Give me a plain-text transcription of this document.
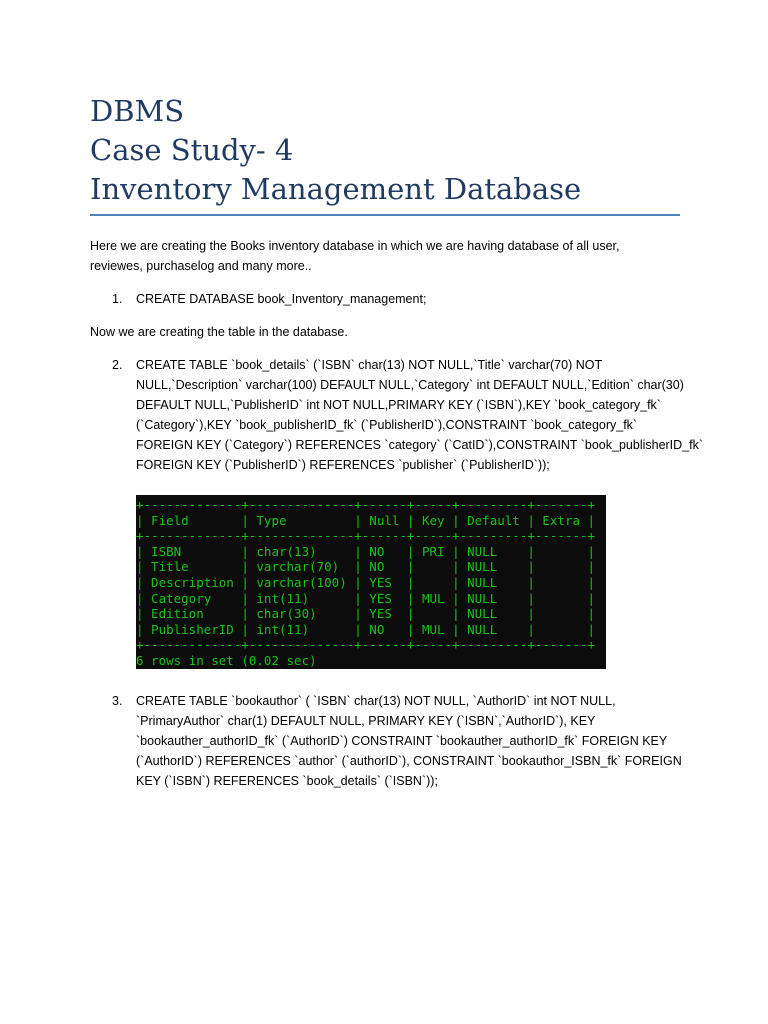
DBMS
Case Study- 4
Inventory Management Database
Here we are creating the Books inventory database in which we are having database of all user,
reviewes, purchaselog and many more..
1.	CREATE DATABASE book_Inventory_management;
Now we are creating the table in the database.
2.	CREATE TABLE `book_details` (`ISBN` char(13) NOT NULL,`Title` varchar(70) NOT
NULL,`Description` varchar(100) DEFAULT NULL,`Category` int DEFAULT NULL,`Edition` char(30)
DEFAULT NULL,`PublisherID` int NOT NULL,PRIMARY KEY (`ISBN`),KEY `book_category_fk`
(`Category`),KEY `book_publisherID_fk` (`PublisherID`),CONSTRAINT `book_category_fk`
FOREIGN KEY (`Category`) REFERENCES `category` (`CatID`),CONSTRAINT `book_publisherID_fk`
FOREIGN KEY (`PublisherID`) REFERENCES `publisher` (`PublisherID`));
+-------------+--------------+------+-----+---------+-------+
| Field       | Type         | Null | Key | Default | Extra |
+-------------+--------------+------+-----+---------+-------+
| ISBN        | char(13)     | NO   | PRI | NULL    |       |
| Title       | varchar(70)  | NO   |     | NULL    |       |
| Description | varchar(100) | YES  |     | NULL    |       |
| Category    | int(11)      | YES  | MUL | NULL    |       |
| Edition     | char(30)     | YES  |     | NULL    |       |
| PublisherID | int(11)      | NO   | MUL | NULL    |       |
+-------------+--------------+------+-----+---------+-------+
6 rows in set (0.02 sec)
3.	CREATE TABLE `bookauthor` ( `ISBN` char(13) NOT NULL, `AuthorID` int NOT NULL,
`PrimaryAuthor` char(1) DEFAULT NULL, PRIMARY KEY (`ISBN`,`AuthorID`), KEY
`bookauther_authorID_fk` (`AuthorID`) CONSTRAINT `bookauther_authorID_fk` FOREIGN KEY
(`AuthorID`) REFERENCES `author` (`authorID`), CONSTRAINT `bookauthor_ISBN_fk` FOREIGN
KEY (`ISBN`) REFERENCES `book_details` (`ISBN`));
